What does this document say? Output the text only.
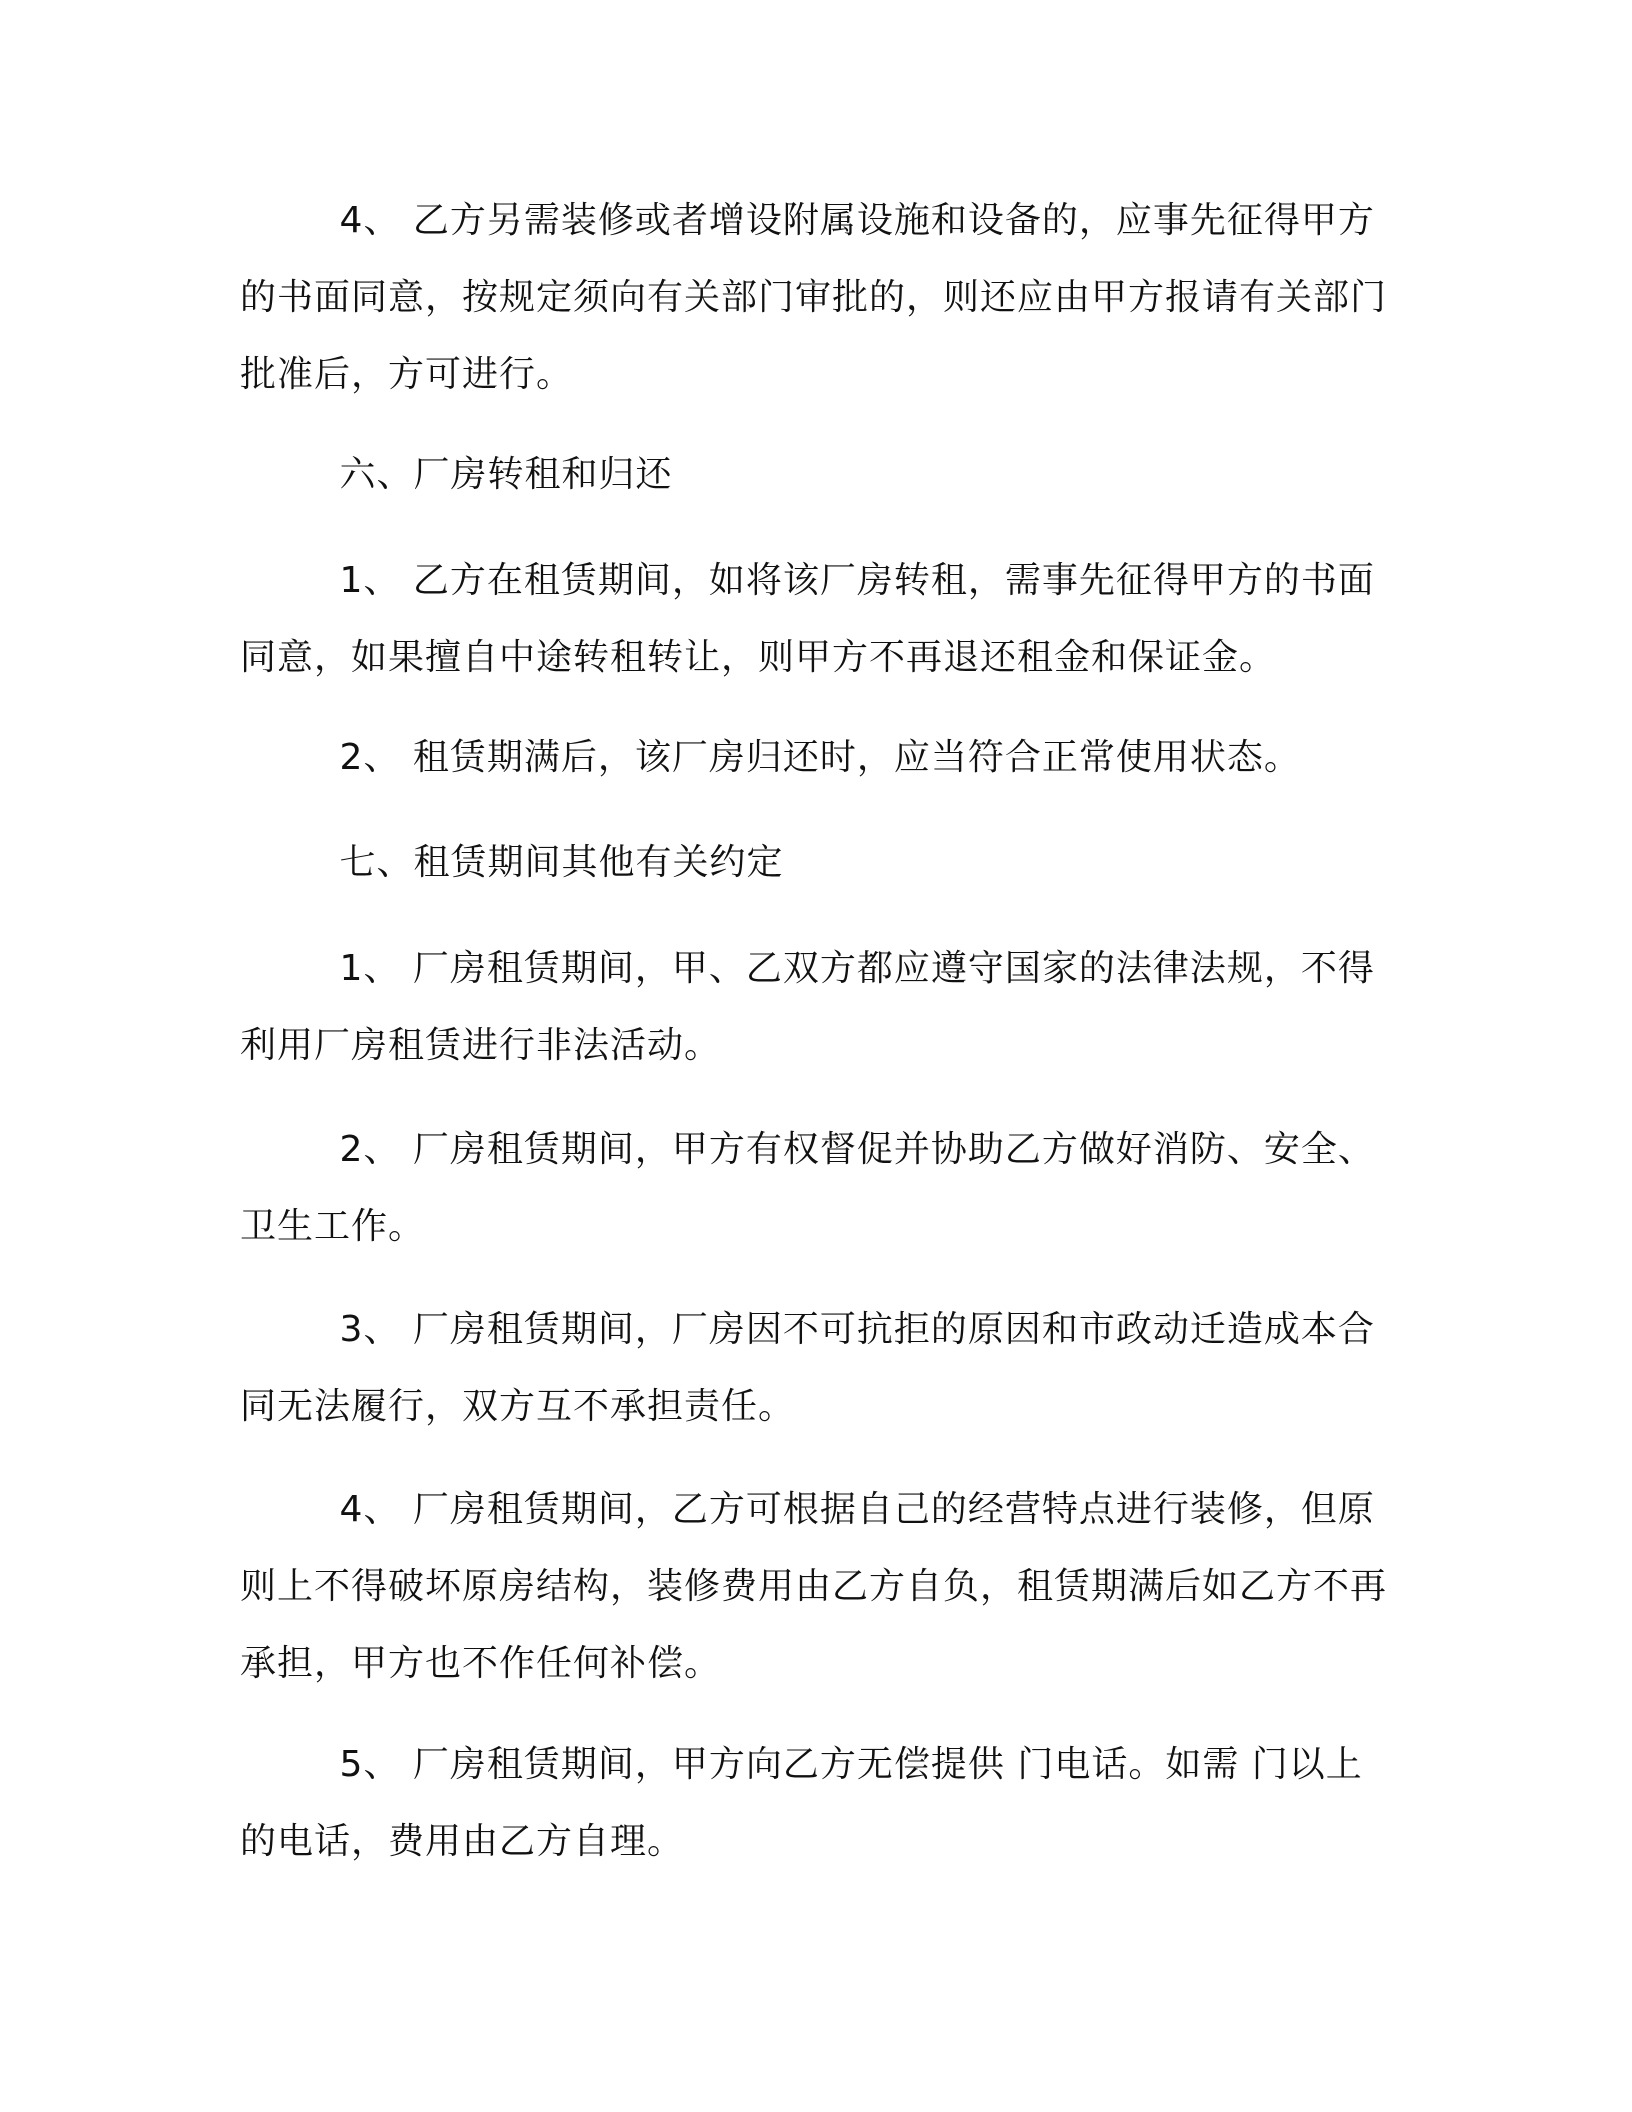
4、 乙方另需装修或者增设附属设施和设备的，应事先征得甲方的书面同意，按规定须向有关部门审批的，则还应由甲方报请有关部门批准后，方可进行。

六、厂房转租和归还

1、 乙方在租赁期间，如将该厂房转租，需事先征得甲方的书面同意，如果擅自中途转租转让，则甲方不再退还租金和保证金。

2、 租赁期满后，该厂房归还时，应当符合正常使用状态。

七、租赁期间其他有关约定

1、 厂房租赁期间，甲、乙双方都应遵守国家的法律法规，不得利用厂房租赁进行非法活动。

2、 厂房租赁期间，甲方有权督促并协助乙方做好消防、安全、卫生工作。

3、 厂房租赁期间，厂房因不可抗拒的原因和市政动迁造成本合同无法履行，双方互不承担责任。

4、 厂房租赁期间，乙方可根据自己的经营特点进行装修，但原则上不得破坏原房结构，装修费用由乙方自负，租赁期满后如乙方不再承担，甲方也不作任何补偿。

5、 厂房租赁期间，甲方向乙方无偿提供 门电话。如需 门以上的电话，费用由乙方自理。
